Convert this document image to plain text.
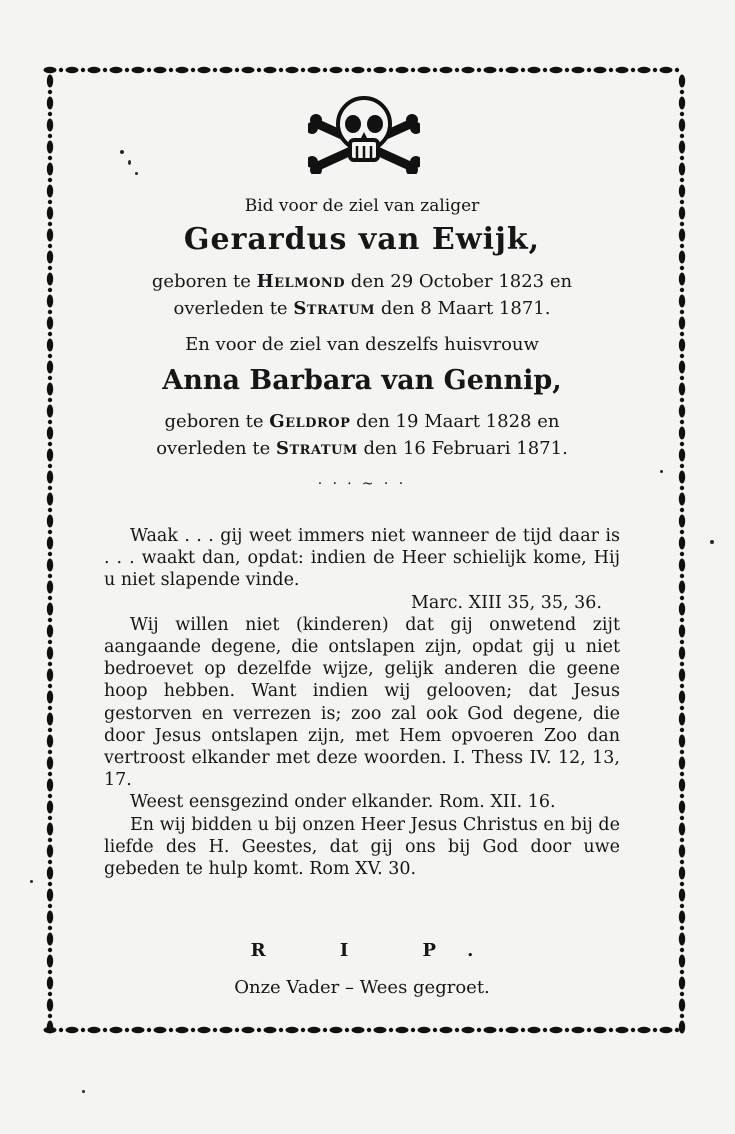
Bid voor de ziel van zaliger
Gerardus van Ewijk,
geboren te Helmond den 29 October 1823 en
overleden te Stratum den 8 Maart 1871.
En voor de ziel van deszelfs huisvrouw
Anna Barbara van Gennip,
geboren te Geldrop den 19 Maart 1828 en
overleden te Stratum den 16 Februari 1871.
· · ⸱ ~ · ·

Waak . . . gij weet immers niet wanneer de tijd daar is . . . waakt dan, opdat: indien de Heer schielijk kome, Hij u niet slapende vinde.

Marc. XIII 35, 35, 36.

Wij willen niet (kinderen) dat gij onwetend zijt aangaande degene, die ontslapen zijn, opdat gij u niet bedroevet op dezelfde wijze, gelijk anderen die geene hoop hebben. Want indien wij gelooven; dat Jesus gestorven en verrezen is; zoo zal ook God degene, die door Jesus ontslapen zijn, met Hem opvoeren Zoo dan vertroost elkander met deze woorden. I. Thess IV. 12, 13, 17.

Weest eensgezind onder elkander. Rom. XII. 16.

En wij bidden u bij onzen Heer Jesus Christus en bij de liefde des H. Geestes, dat gij ons bij God door uwe gebeden te hulp komt. Rom XV. 30.

R I P.
Onze Vader – Wees gegroet.
